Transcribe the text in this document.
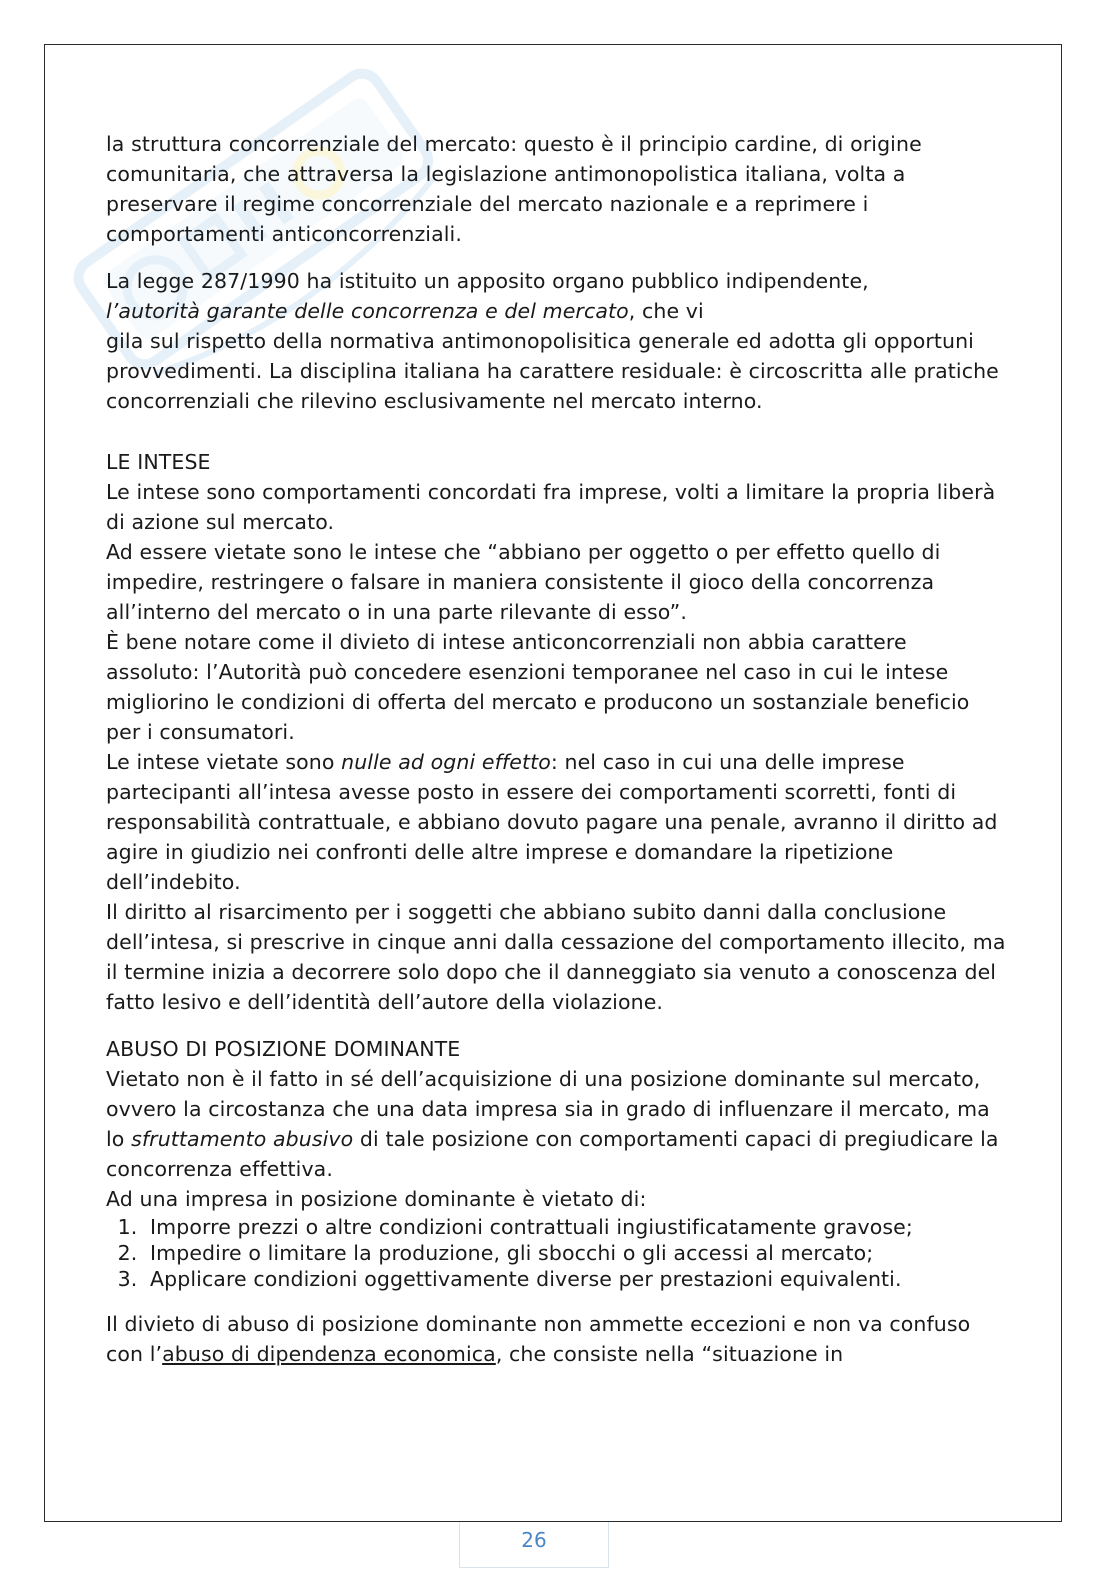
la struttura concorrenziale del mercato: questo è il principio cardine, di origine comunitaria, che attraversa la legislazione antimonopolistica italiana, volta a preservare il regime concorrenziale del mercato nazionale e a reprimere i comportamenti anticoncorrenziali.

La legge 287/1990 ha istituito un apposito organo pubblico indipendente,
l’autorità garante delle concorrenza e del mercato, che vi
gila sul rispetto della normativa antimonopolisitica generale ed adotta gli opportuni provvedimenti. La disciplina italiana ha carattere residuale: è circoscritta alle pratiche concorrenziali che rilevino esclusivamente nel mercato interno.

LE INTESE

Le intese sono comportamenti concordati fra imprese, volti a limitare la propria liberà di azione sul mercato.

Ad essere vietate sono le intese che “abbiano per oggetto o per effetto quello di impedire, restringere o falsare in maniera consistente il gioco della concorrenza all’interno del mercato o in una parte rilevante di esso”.

È bene notare come il divieto di intese anticoncorrenziali non abbia carattere assoluto: l’Autorità può concedere esenzioni temporanee nel caso in cui le intese migliorino le condizioni di offerta del mercato e producono un sostanziale beneficio per i consumatori.

Le intese vietate sono nulle ad ogni effetto: nel caso in cui una delle imprese partecipanti all’intesa avesse posto in essere dei comportamenti scorretti, fonti di responsabilità contrattuale, e abbiano dovuto pagare una penale, avranno il diritto ad agire in giudizio nei confronti delle altre imprese e domandare la ripetizione dell’indebito.

Il diritto al risarcimento per i soggetti che abbiano subito danni dalla conclusione dell’intesa, si prescrive in cinque anni dalla cessazione del comportamento illecito, ma il termine inizia a decorrere solo dopo che il danneggiato sia venuto a conoscenza del fatto lesivo e dell’identità dell’autore della violazione.

ABUSO DI POSIZIONE DOMINANTE

Vietato non è il fatto in sé dell’acquisizione di una posizione dominante sul mercato, ovvero la circostanza che una data impresa sia in grado di influenzare il mercato, ma lo sfruttamento abusivo di tale posizione con comportamenti capaci di pregiudicare la concorrenza effettiva.

Ad una impresa in posizione dominante è vietato di:

1. Imporre prezzi o altre condizioni contrattuali ingiustificatamente gravose;
2. Impedire o limitare la produzione, gli sbocchi o gli accessi al mercato;
3. Applicare condizioni oggettivamente diverse per prestazioni equivalenti.

Il divieto di abuso di posizione dominante non ammette eccezioni e non va confuso con l’abuso di dipendenza economica, che consiste nella “situazione in

26
